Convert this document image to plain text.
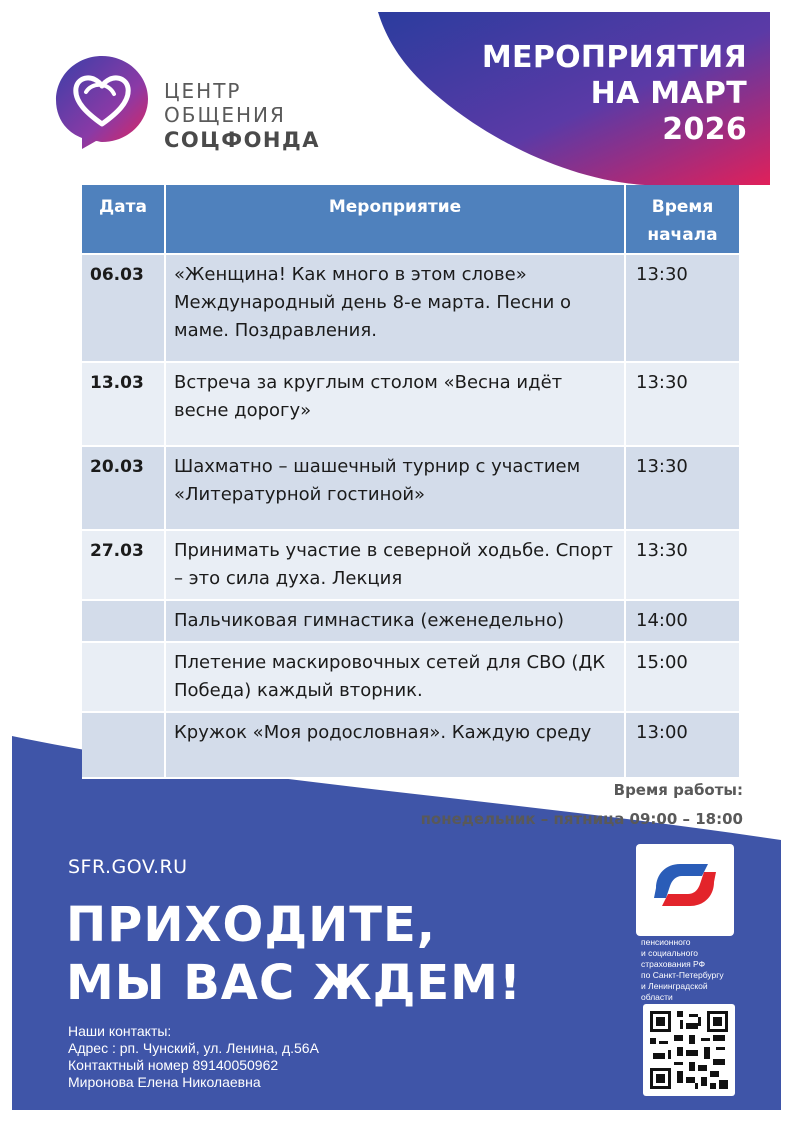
МЕРОПРИЯТИЯ
НА МАРТ
2026
ЦЕНТР
ОБЩЕНИЯ
СОЦФОНДА
Дата	Мероприятие	Время
начала
06.03	«Женщина! Как много в этом слове» Международный день 8-е марта. Песни о маме. Поздравления.	13:30
13.03	Встреча за круглым столом «Весна идёт весне дорогу»	13:30
20.03	Шахматно – шашечный турнир с участием «Литературной гостиной»	13:30
27.03	Принимать участие в северной ходьбе. Спорт – это сила духа. Лекция	13:30
	Пальчиковая гимнастика (еженедельно)	14:00
	Плетение маскировочных сетей для СВО (ДК Победа) каждый вторник.	15:00
	Кружок «Моя родословная». Каждую среду	13:00
Время работы:
понедельник – пятница 09:00 – 18:00
SFR.GOV.RU
ПРИХОДИТЕ,
МЫ ВАС ЖДЕМ!
Наши контакты:
Адрес : рп. Чунский, ул. Ленина, д.56А
Контактный номер 89140050962
Миронова Елена Николаевна
Отделение Фонда
пенсионного
и социального
страхования РФ
по Санкт-Петербургу
и Ленинградской
области
